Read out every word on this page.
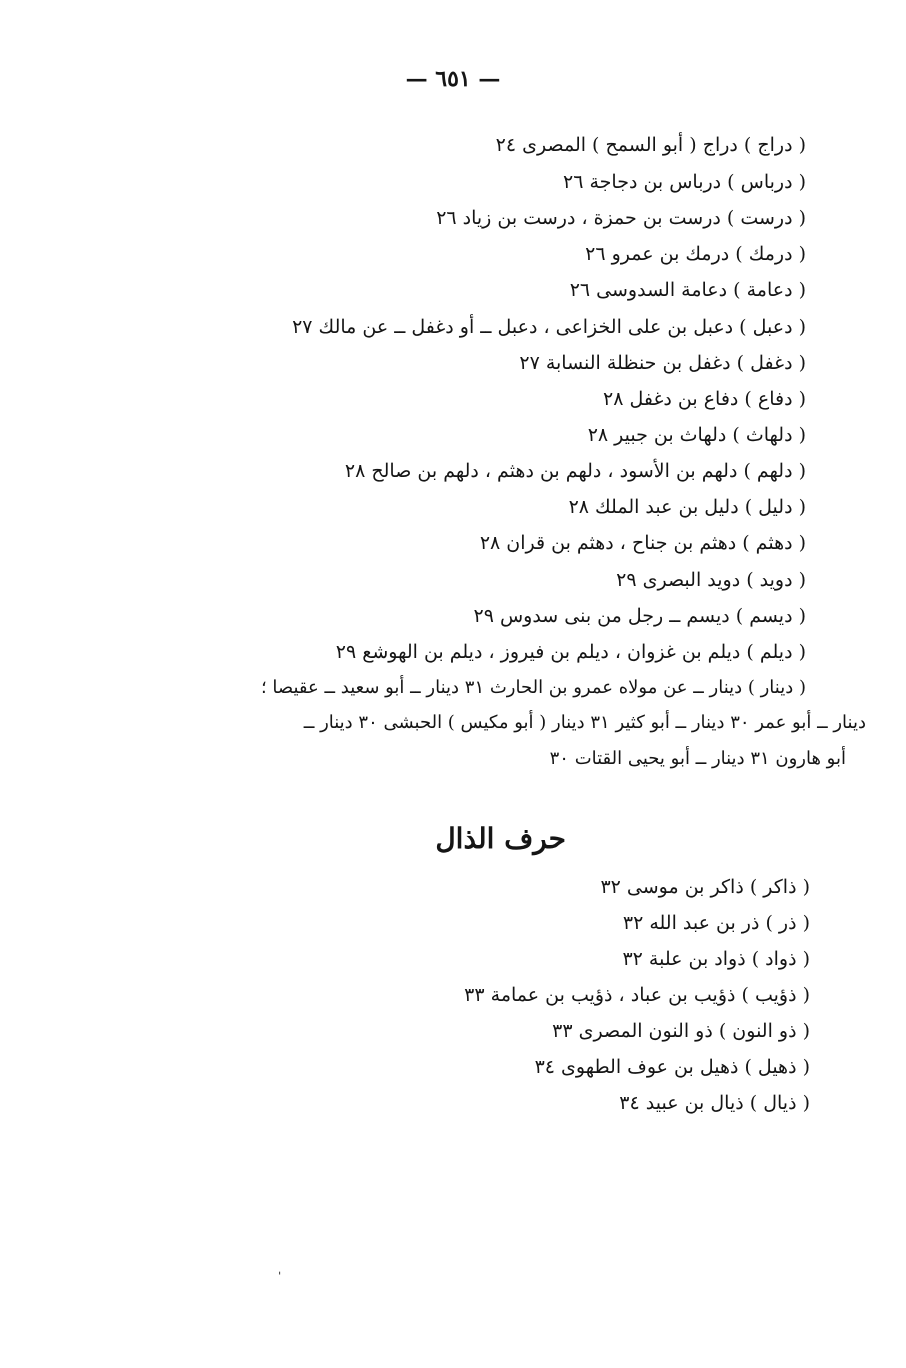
— ٦٥١ —
( دراج ) دراج ( أبو السمح ) المصرى ٢٤
( درباس ) درباس بن دجاجة ٢٦
( درست ) درست بن حمزة ، درست بن زياد ٢٦
( درمك ) درمك بن عمرو ٢٦
( دعامة ) دعامة السدوسى ٢٦
( دعبل ) دعبل بن على الخزاعى ، دعبل ــ أو دغفل ــ عن مالك ٢٧
( دغفل ) دغفل بن حنظلة النسابة ٢٧
( دفاع ) دفاع بن دغفل ٢٨
( دلهاث ) دلهاث بن جبير ٢٨
( دلهم ) دلهم بن الأسود ، دلهم بن دهثم ، دلهم بن صالح ٢٨
( دليل ) دليل بن عبد الملك ٢٨
( دهثم ) دهثم بن جناح ، دهثم بن قران ٢٨
( دويد ) دويد البصرى ٢٩
( ديسم ) ديسم ــ رجل من بنى سدوس ٢٩
( ديلم ) ديلم بن غزوان ، ديلم بن فيروز ، ديلم بن الهوشع ٢٩
( دينار ) دينار ــ عن مولاه عمرو بن الحارث ٣١ دينار ــ أبو سعيد ــ عقيصا ؛
دينار ــ أبو عمر ٣٠ دينار ــ أبو كثير ٣١ دينار ( أبو مكيس ) الحبشى ٣٠ دينار ــ
أبو هارون ٣١ دينار ــ أبو يحيى القتات ٣٠
حرف الذال
( ذاكر ) ذاكر بن موسى ٣٢
( ذر ) ذر بن عبد الله ٣٢
( ذواد ) ذواد بن علبة ٣٢
( ذؤيب ) ذؤيب بن عباد ، ذؤيب بن عمامة ٣٣
( ذو النون ) ذو النون المصرى ٣٣
( ذهيل ) ذهيل بن عوف الطهوى ٣٤
( ذيال ) ذيال بن عبيد ٣٤
ˈ
